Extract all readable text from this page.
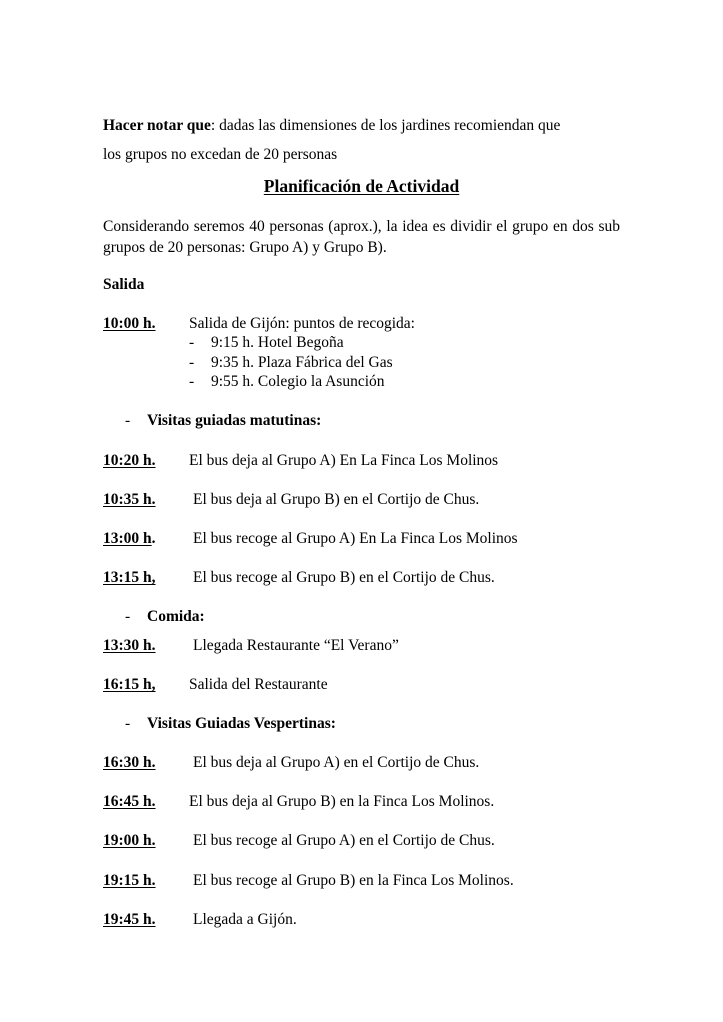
Hacer notar que: dadas las dimensiones de los jardines recomiendan que
los grupos no excedan de 20 personas
Planificación de Actividad
Considerando seremos 40 personas (aprox.), la idea es dividir el grupo en dos sub grupos de 20 personas: Grupo A) y Grupo B).
Salida
10:00 h. Salida de Gijón: puntos de recogida:
- 9:15 h. Hotel Begoña
- 9:35 h. Plaza Fábrica del Gas
- 9:55 h. Colegio la Asunción
- Visitas guiadas matutinas:
10:20 h. El bus deja al Grupo A) En La Finca Los Molinos
10:35 h. El bus deja al Grupo B) en el Cortijo de Chus.
13:00 h. El bus recoge al Grupo A) En La Finca Los Molinos
13:15 h, El bus recoge al Grupo B) en el Cortijo de Chus.
- Comida:
13:30 h. Llegada Restaurante “El Verano”
16:15 h, Salida del Restaurante
- Visitas Guiadas Vespertinas:
16:30 h. El bus deja al Grupo A) en el Cortijo de Chus.
16:45 h. El bus deja al Grupo B) en la Finca Los Molinos.
19:00 h. El bus recoge al Grupo A) en el Cortijo de Chus.
19:15 h. El bus recoge al Grupo B) en la Finca Los Molinos.
19:45 h. Llegada a Gijón.
